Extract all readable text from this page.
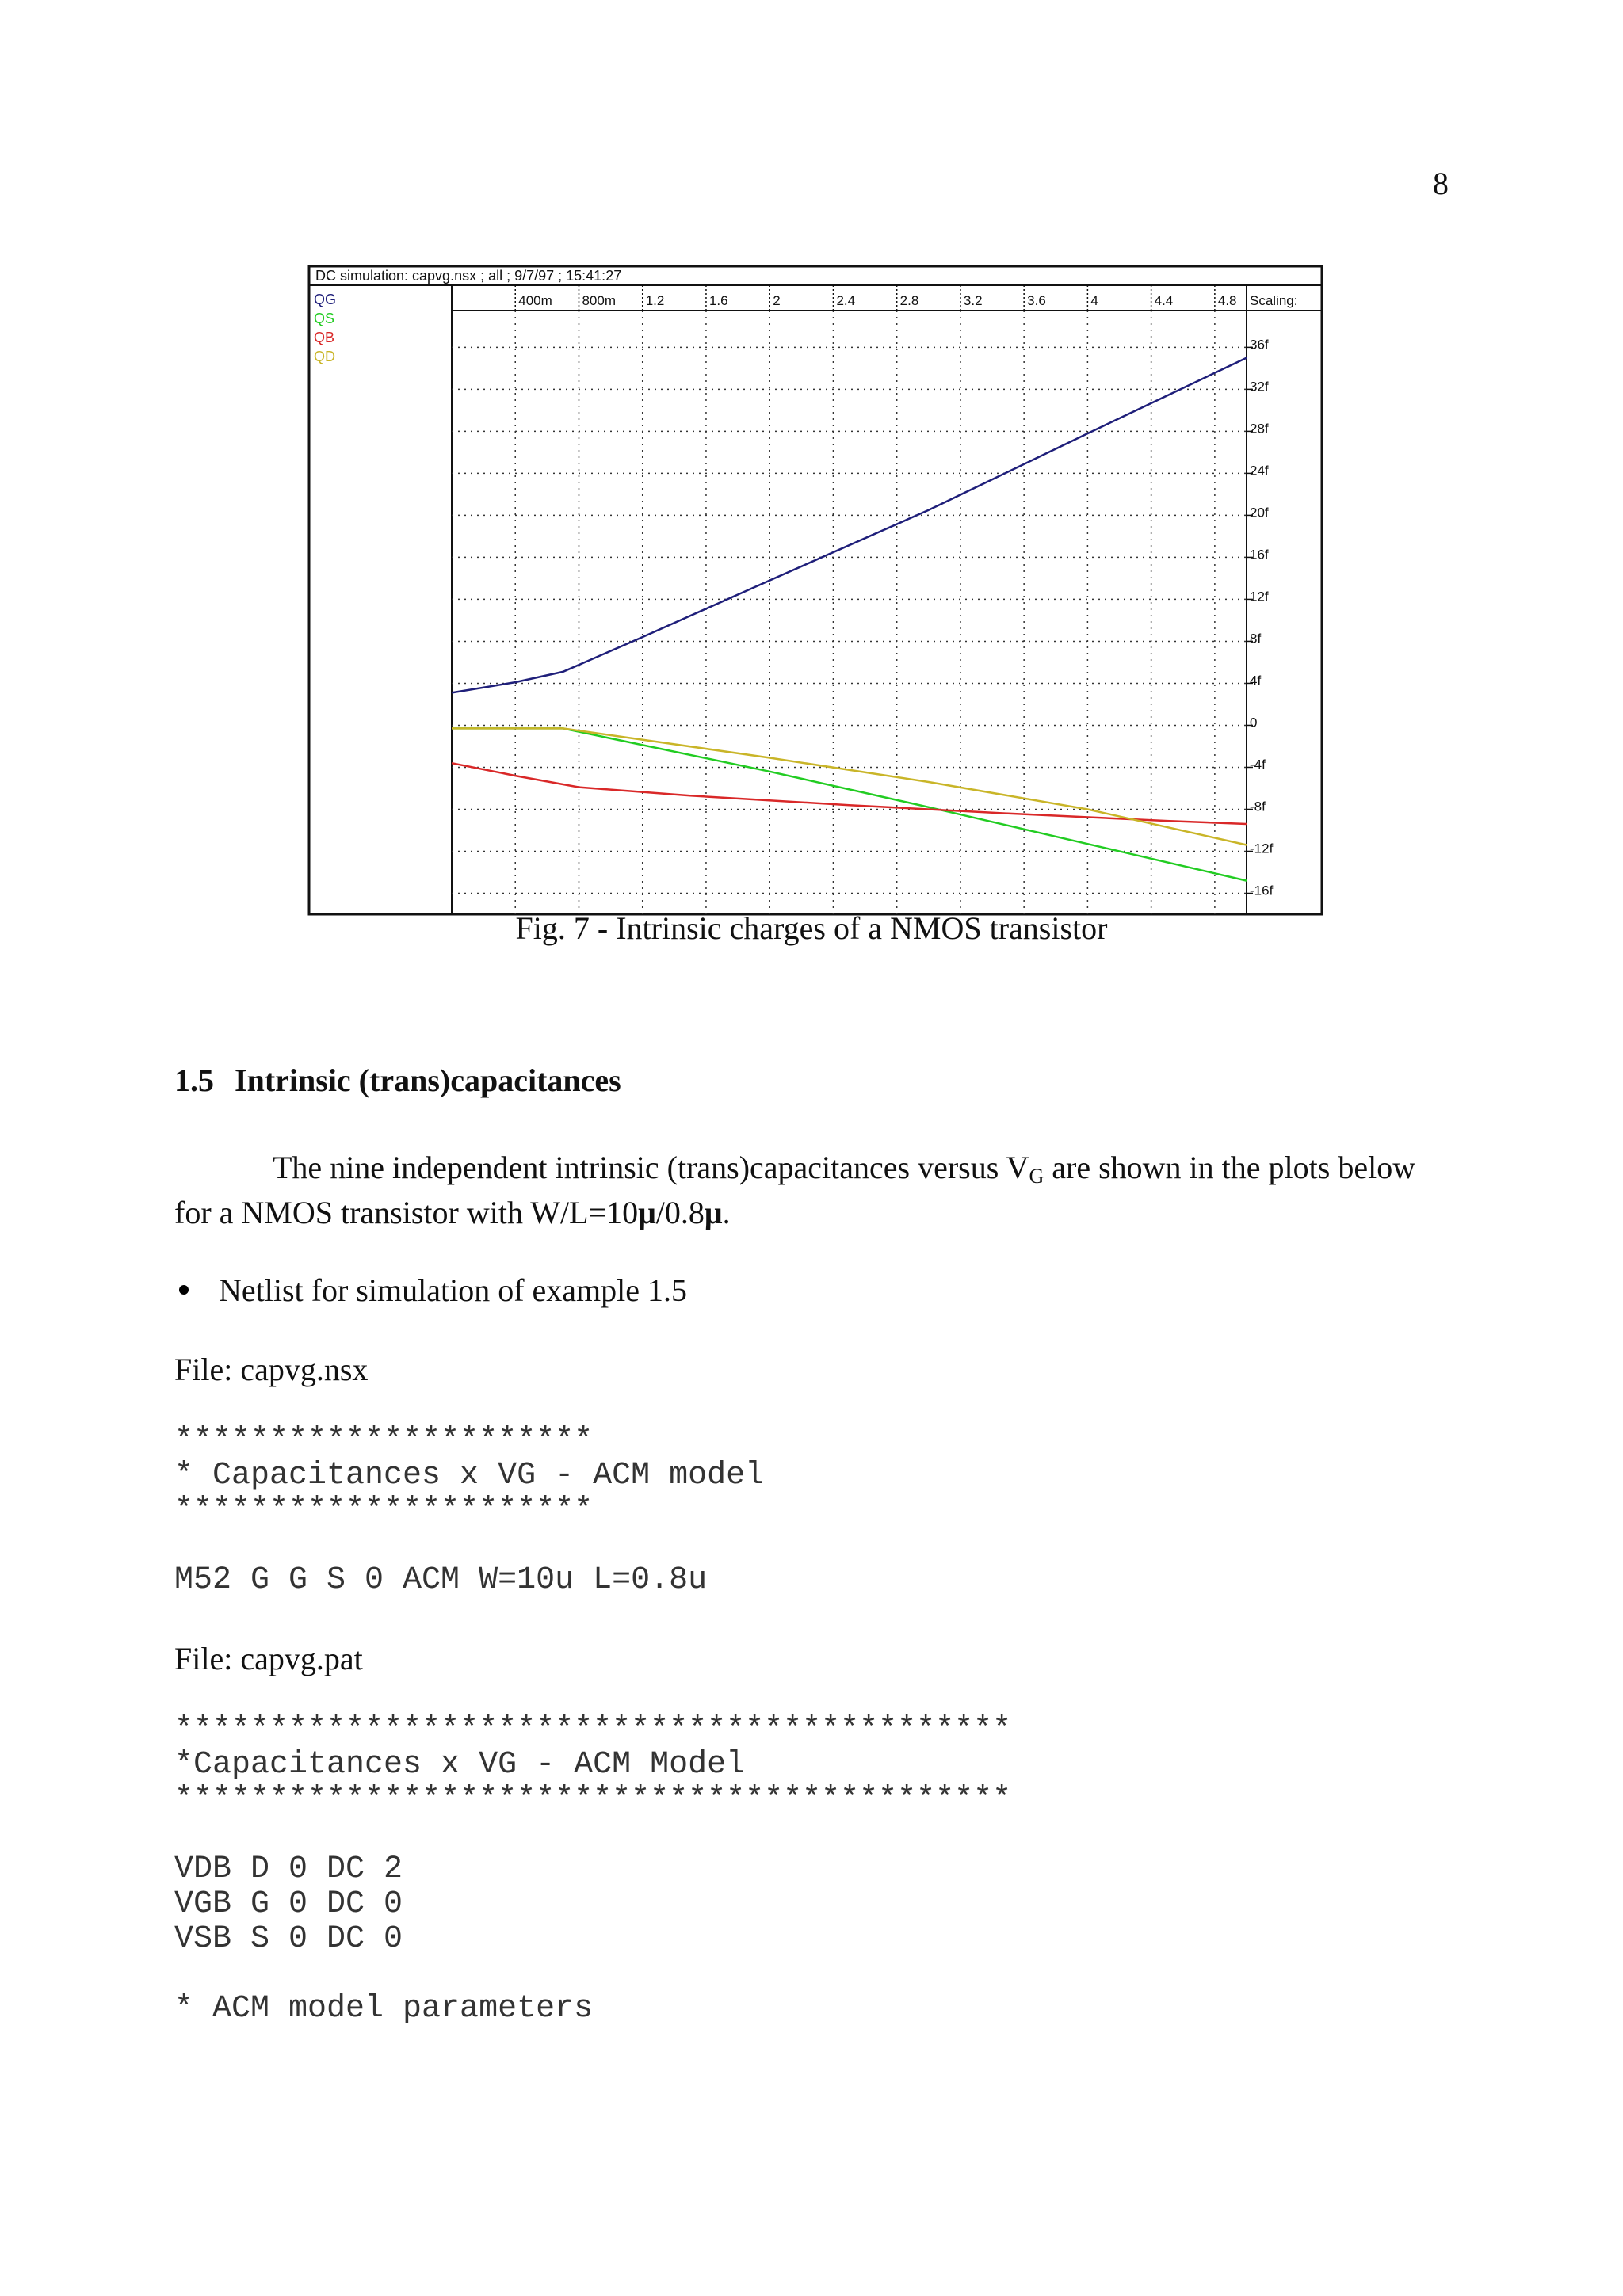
8
DC simulation: capvg.nsx ; all ; 9/7/97 ; 15:41:27
400m 800m 1.2	1.6	2	2.4	2.8	3.2	3.6	4	4.4	4.8 Scaling:
36f
32f
28f
24f
20f
16f
12f
8f
4f
0
-4f
-8f
-12f
-16f
QG
QS
QB
QD
Fig. 7 - Intrinsic charges of a NMOS transistor
1.5 Intrinsic (trans)capacitances
The nine independent intrinsic (trans)capacitances versus $V_G$ are shown in the plots below
for a NMOS transistor with W/L=10μ/0.8μ.
Netlist for simulation of example 1.5
File: capvg.nsx
**********************
* Capacitances x VG - ACM model
**********************

M52 G G S 0 ACM W=10u L=0.8u
File: capvg.pat
********************************************
*Capacitances x VG - ACM Model
********************************************

VDB D 0 DC 2
VGB G 0 DC 0
VSB S 0 DC 0

* ACM model parameters
